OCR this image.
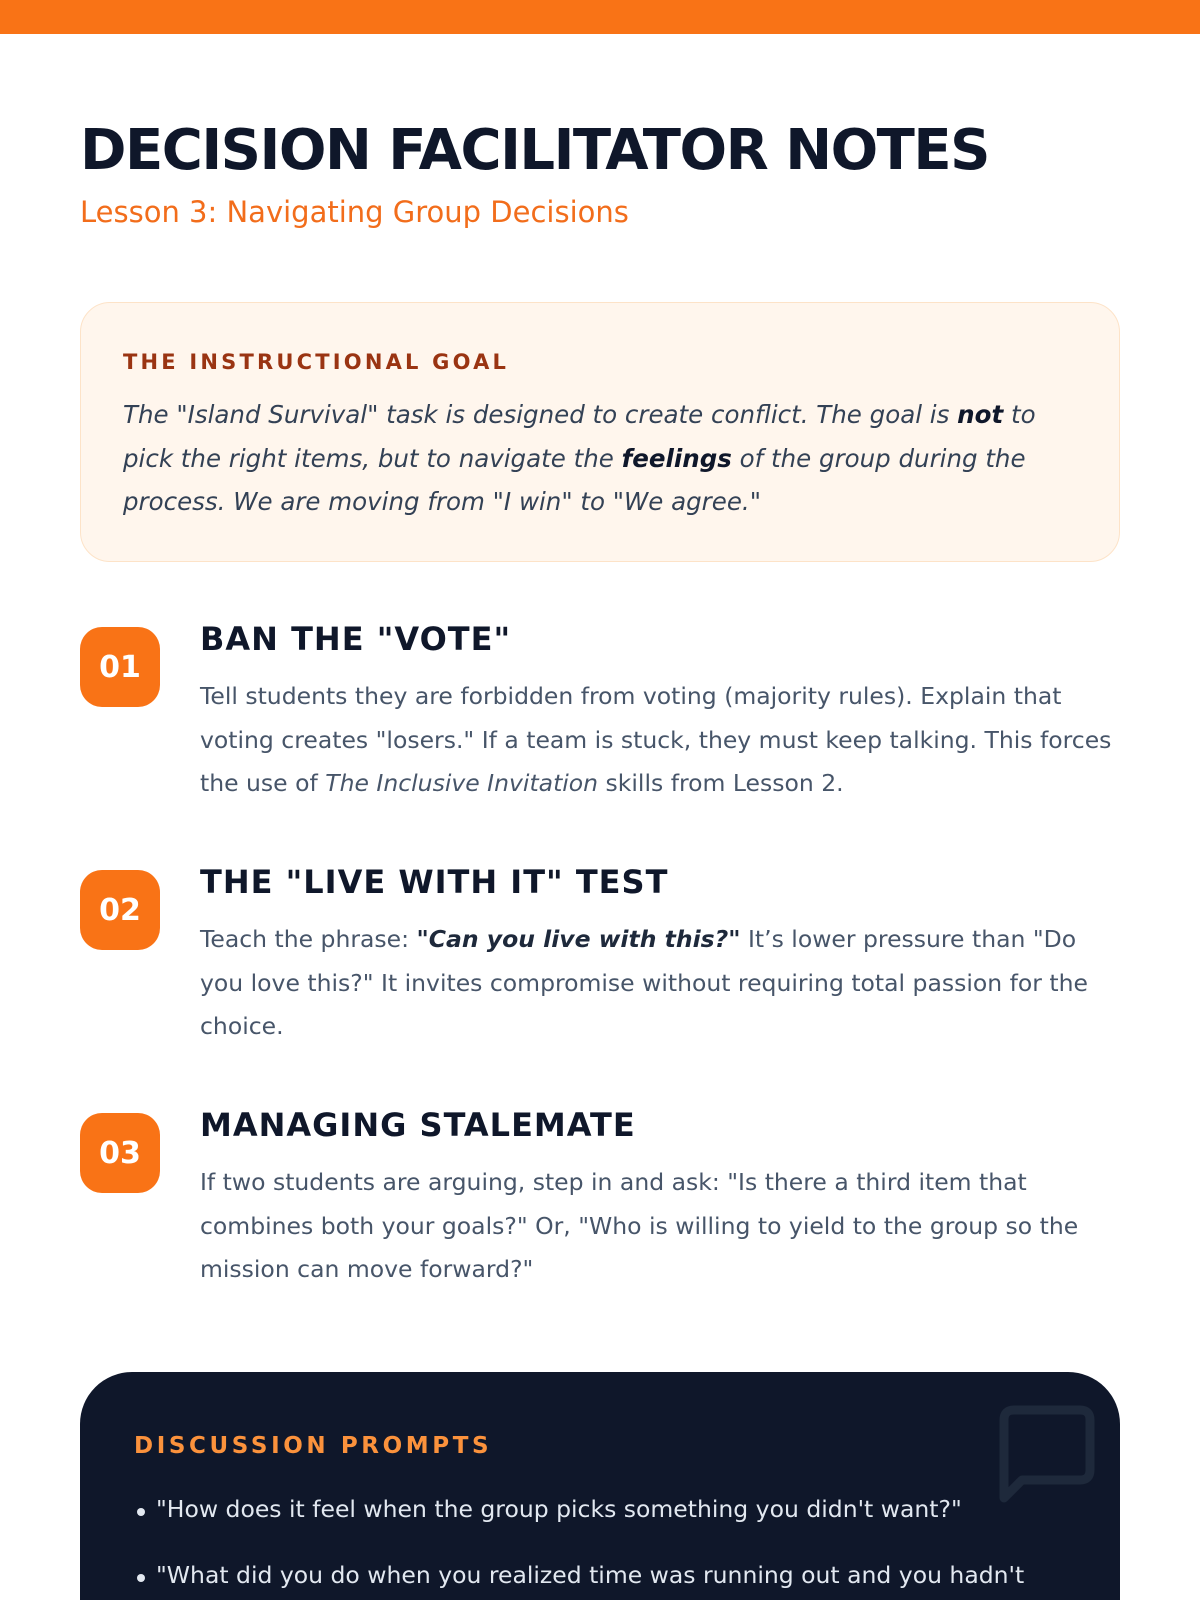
DECISION FACILITATOR NOTES
Lesson 3: Navigating Group Decisions
THE INSTRUCTIONAL GOAL

The "Island Survival" task is designed to create conflict. The goal is not to pick the right items, but to navigate the feelings of the group during the process. We are moving from "I win" to "We agree."

01
BAN THE "VOTE"

Tell students they are forbidden from voting (majority rules). Explain that voting creates "losers." If a team is stuck, they must keep talking. This forces the use of The Inclusive Invitation skills from Lesson 2.

02
THE "LIVE WITH IT" TEST

Teach the phrase: "Can you live with this?" It’s lower pressure than "Do you love this?" It invites compromise without requiring total passion for the choice.

03
MANAGING STALEMATE

If two students are arguing, step in and ask: "Is there a third item that combines both your goals?" Or, "Who is willing to yield to the group so the mission can move forward?"

DISCUSSION PROMPTS
"How does it feel when the group picks something you didn't want?"
"What did you do when you realized time was running out and you hadn't
